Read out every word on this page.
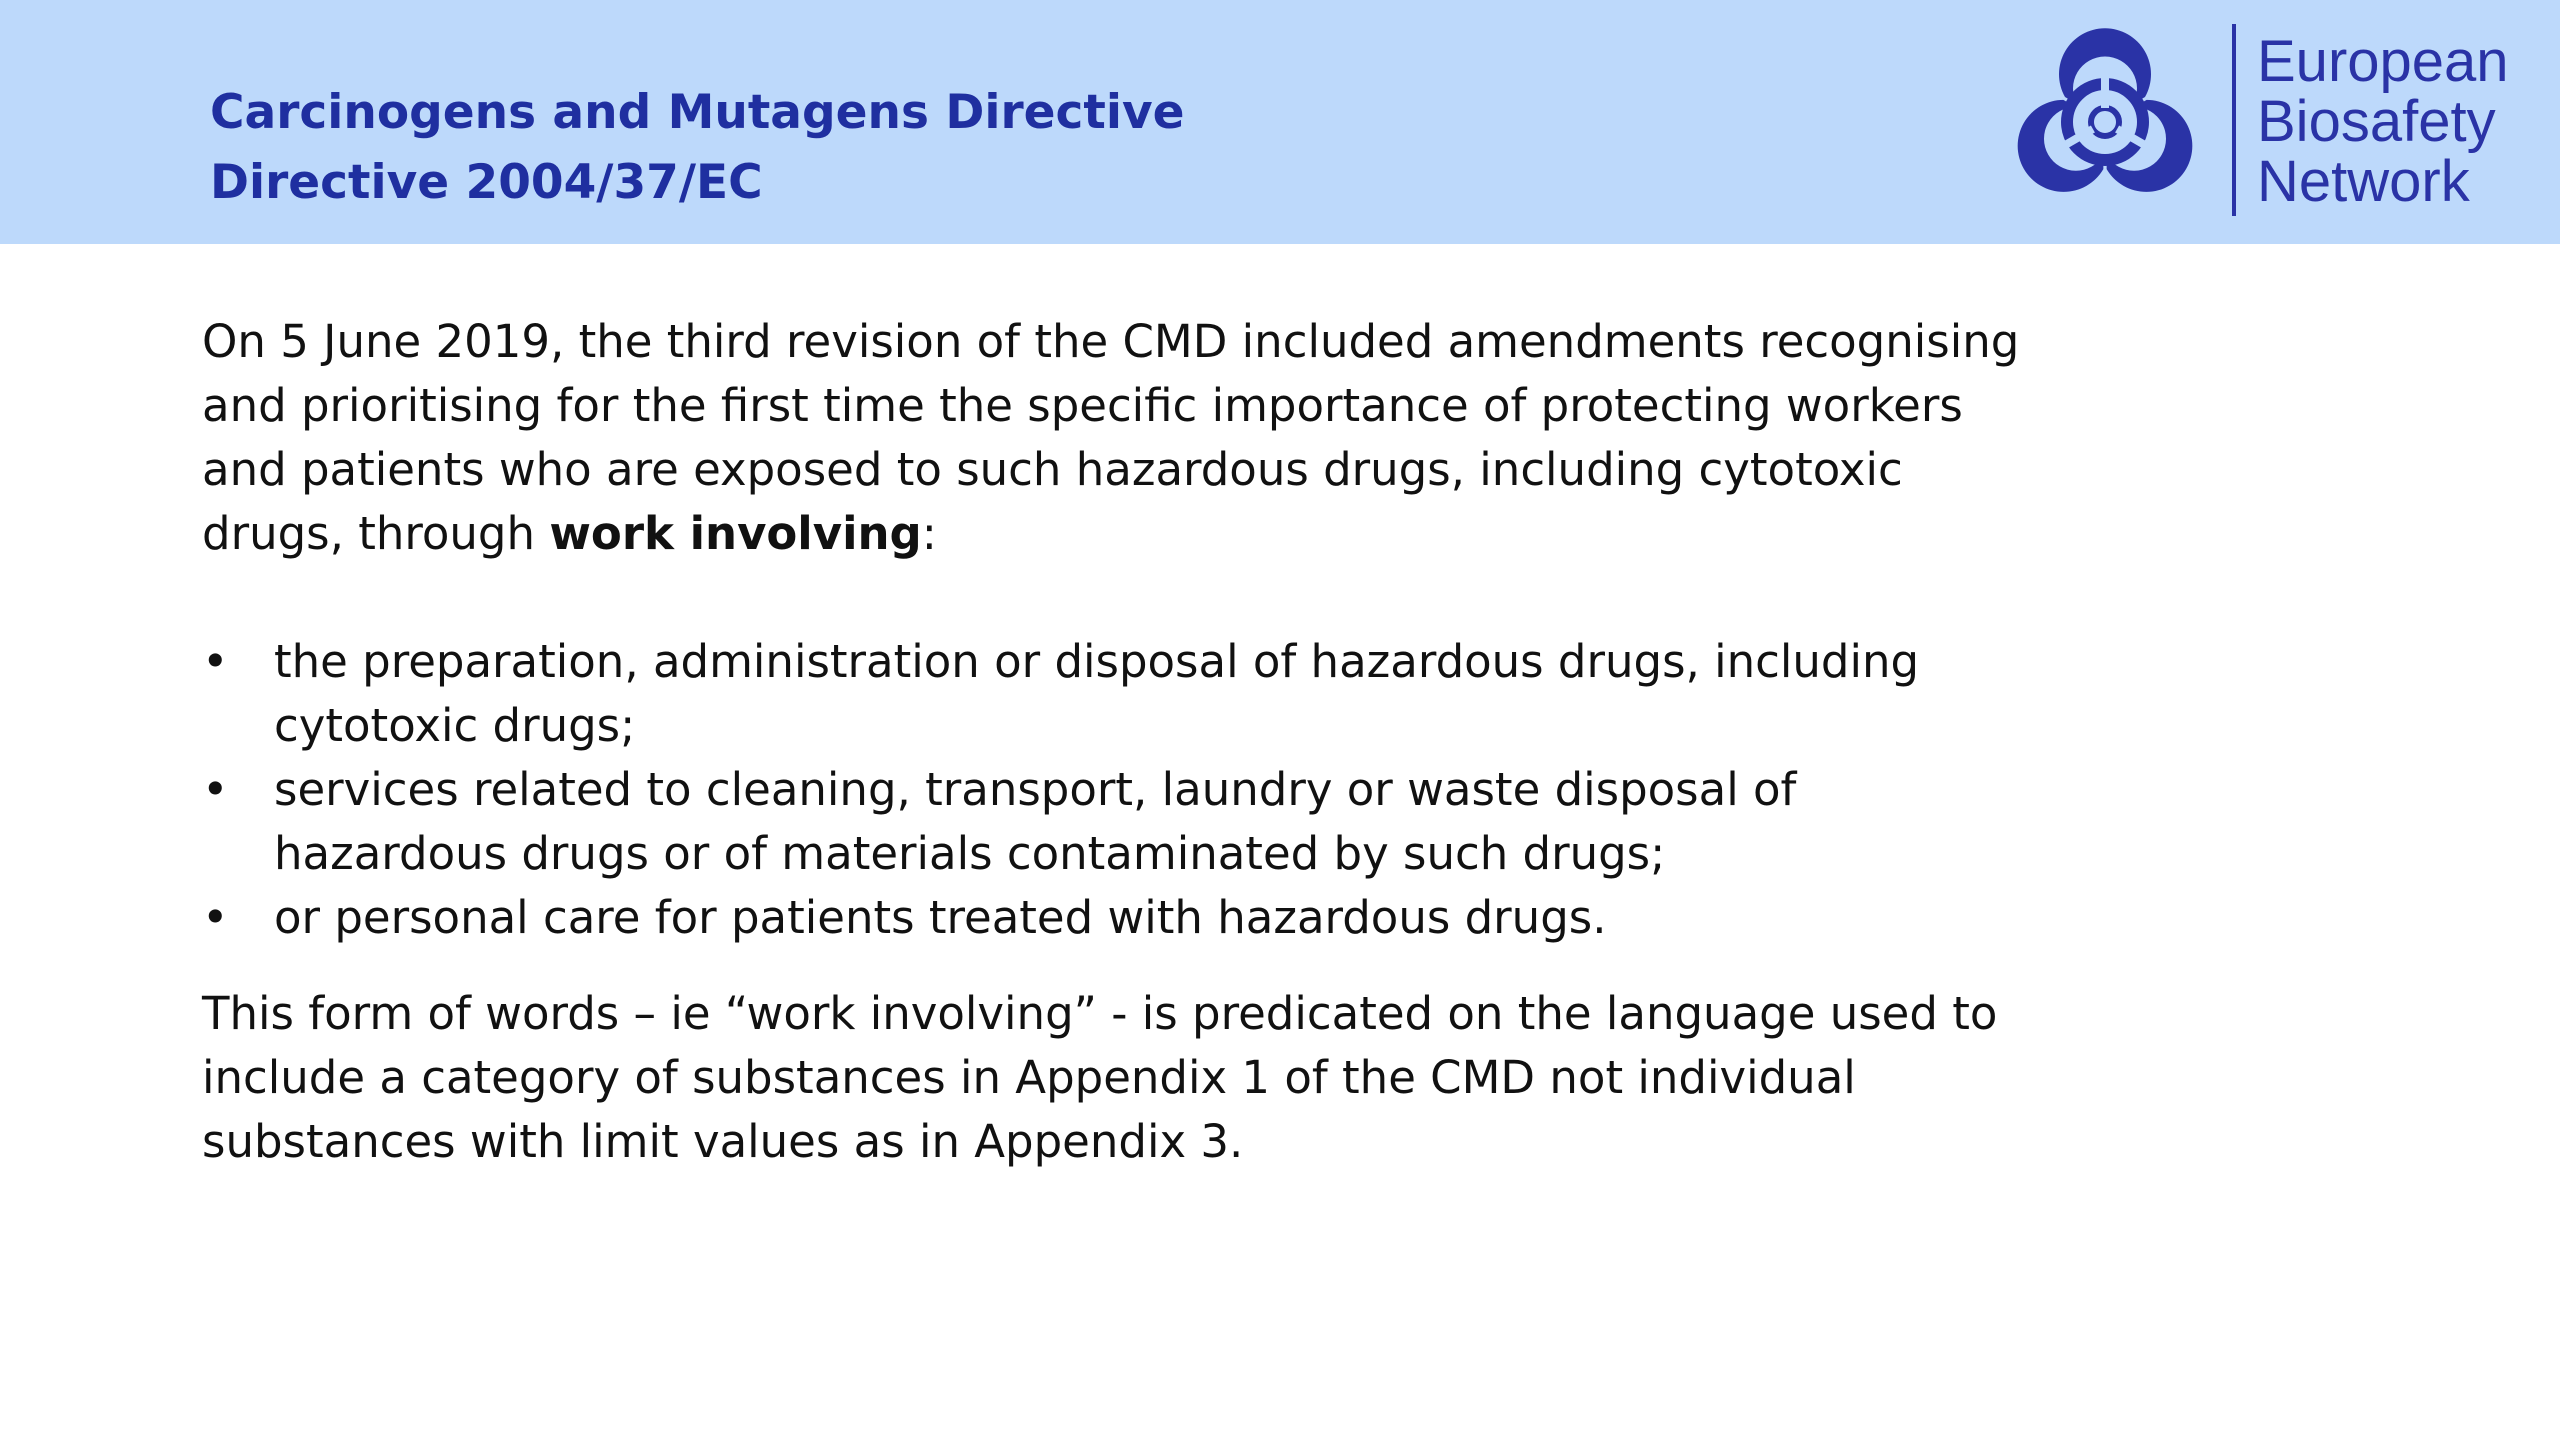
Carcinogens and Mutagens Directive
Directive 2004/37/EC
European
Biosafety
Network

On 5 June 2019, the third revision of the CMD included amendments recognising and prioritising for the first time the specific importance of protecting workers and patients who are exposed to such hazardous drugs, including cytotoxic drugs, through work involving:

• the preparation, administration or disposal of hazardous drugs, including cytotoxic drugs;
• services related to cleaning, transport, laundry or waste disposal of hazardous drugs or of materials contaminated by such drugs;
• or personal care for patients treated with hazardous drugs.

This form of words – ie “work involving” - is predicated on the language used to include a category of substances in Appendix 1 of the CMD not individual substances with limit values as in Appendix 3.
